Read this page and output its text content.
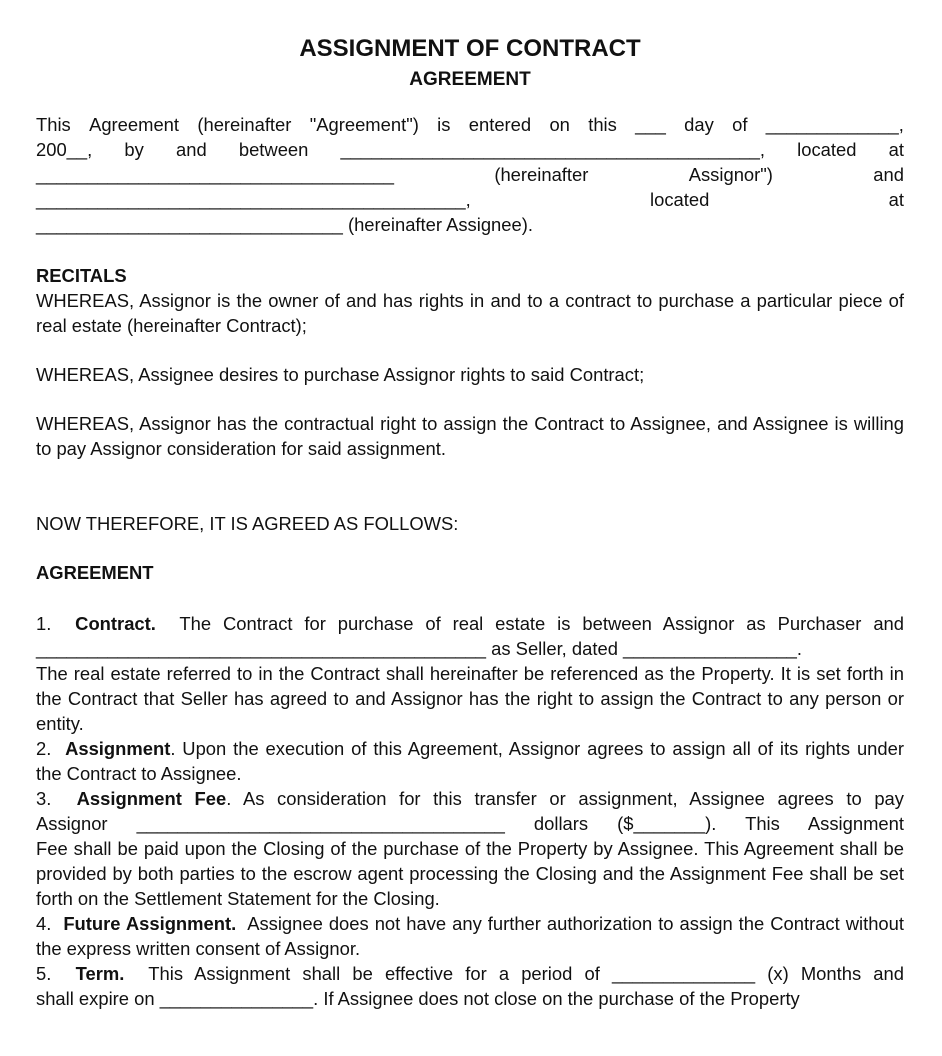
ASSIGNMENT OF CONTRACT
AGREEMENT
This Agreement (hereinafter "Agreement") is entered on this ___ day of _____________,
200__, by and between _________________________________________, located at
___________________________________	(hereinafter	Assignor")	and
__________________________________________,	located	at

______________________________ (hereinafter Assignee).

RECITALS

WHEREAS, Assignor is the owner of and has rights in and to a contract to purchase a particular piece of real estate (hereinafter Contract);

WHEREAS, Assignee desires to purchase Assignor rights to said Contract;

WHEREAS, Assignor has the contractual right to assign the Contract to Assignee, and Assignee is willing to pay Assignor consideration for said assignment.

NOW THEREFORE, IT IS AGREED AS FOLLOWS:

AGREEMENT

1. Contract. The Contract for purchase of real estate is between Assignor as Purchaser and

____________________________________________ as Seller, dated _________________.

The real estate referred to in the Contract shall hereinafter be referenced as the Property. It is set forth in the Contract that Seller has agreed to and Assignor has the right to assign the Contract to any person or entity.

2. Assignment. Upon the execution of this Agreement, Assignor agrees to assign all of its rights under the Contract to Assignee.

3. Assignment Fee. As consideration for this transfer or assignment, Assignee agrees to pay

Assignor ____________________________________ dollars ($_______). This Assignment

Fee shall be paid upon the Closing of the purchase of the Property by Assignee. This Agreement shall be provided by both parties to the escrow agent processing the Closing and the Assignment Fee shall be set forth on the Settlement Statement for the Closing.

4. Future Assignment. Assignee does not have any further authorization to assign the Contract without the express written consent of Assignor.

5. Term. This Assignment shall be effective for a period of ______________ (x) Months and

shall expire on _______________. If Assignee does not close on the purchase of the Property
